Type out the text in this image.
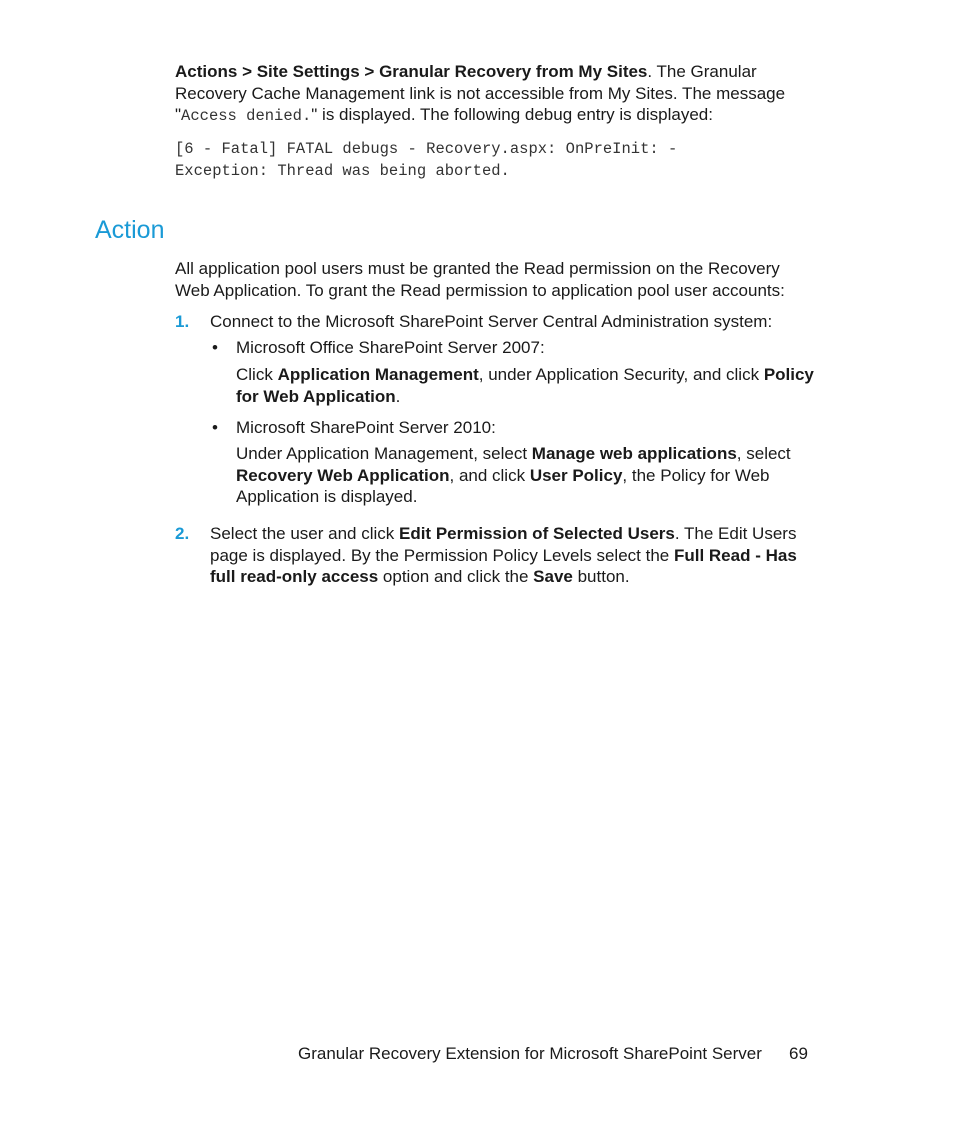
Actions > Site Settings > Granular Recovery from My Sites. The Granular Recovery Cache Management link is not accessible from My Sites. The message "Access denied." is displayed. The following debug entry is displayed:

[6 - Fatal] FATAL debugs - Recovery.aspx: OnPreInit: -
Exception: Thread was being aborted.
Action

All application pool users must be granted the Read permission on the Recovery Web Application. To grant the Read permission to application pool user accounts:

1. Connect to the Microsoft SharePoint Server Central Administration system:

• Microsoft Office SharePoint Server 2007:

Click Application Management, under Application Security, and click Policy for Web Application.

• Microsoft SharePoint Server 2010:

Under Application Management, select Manage web applications, select Recovery Web Application, and click User Policy, the Policy for Web Application is displayed.

2. Select the user and click Edit Permission of Selected Users. The Edit Users page is displayed. By the Permission Policy Levels select the Full Read - Has full read-only access option and click the Save button.

Granular Recovery Extension for Microsoft SharePoint Server 69
